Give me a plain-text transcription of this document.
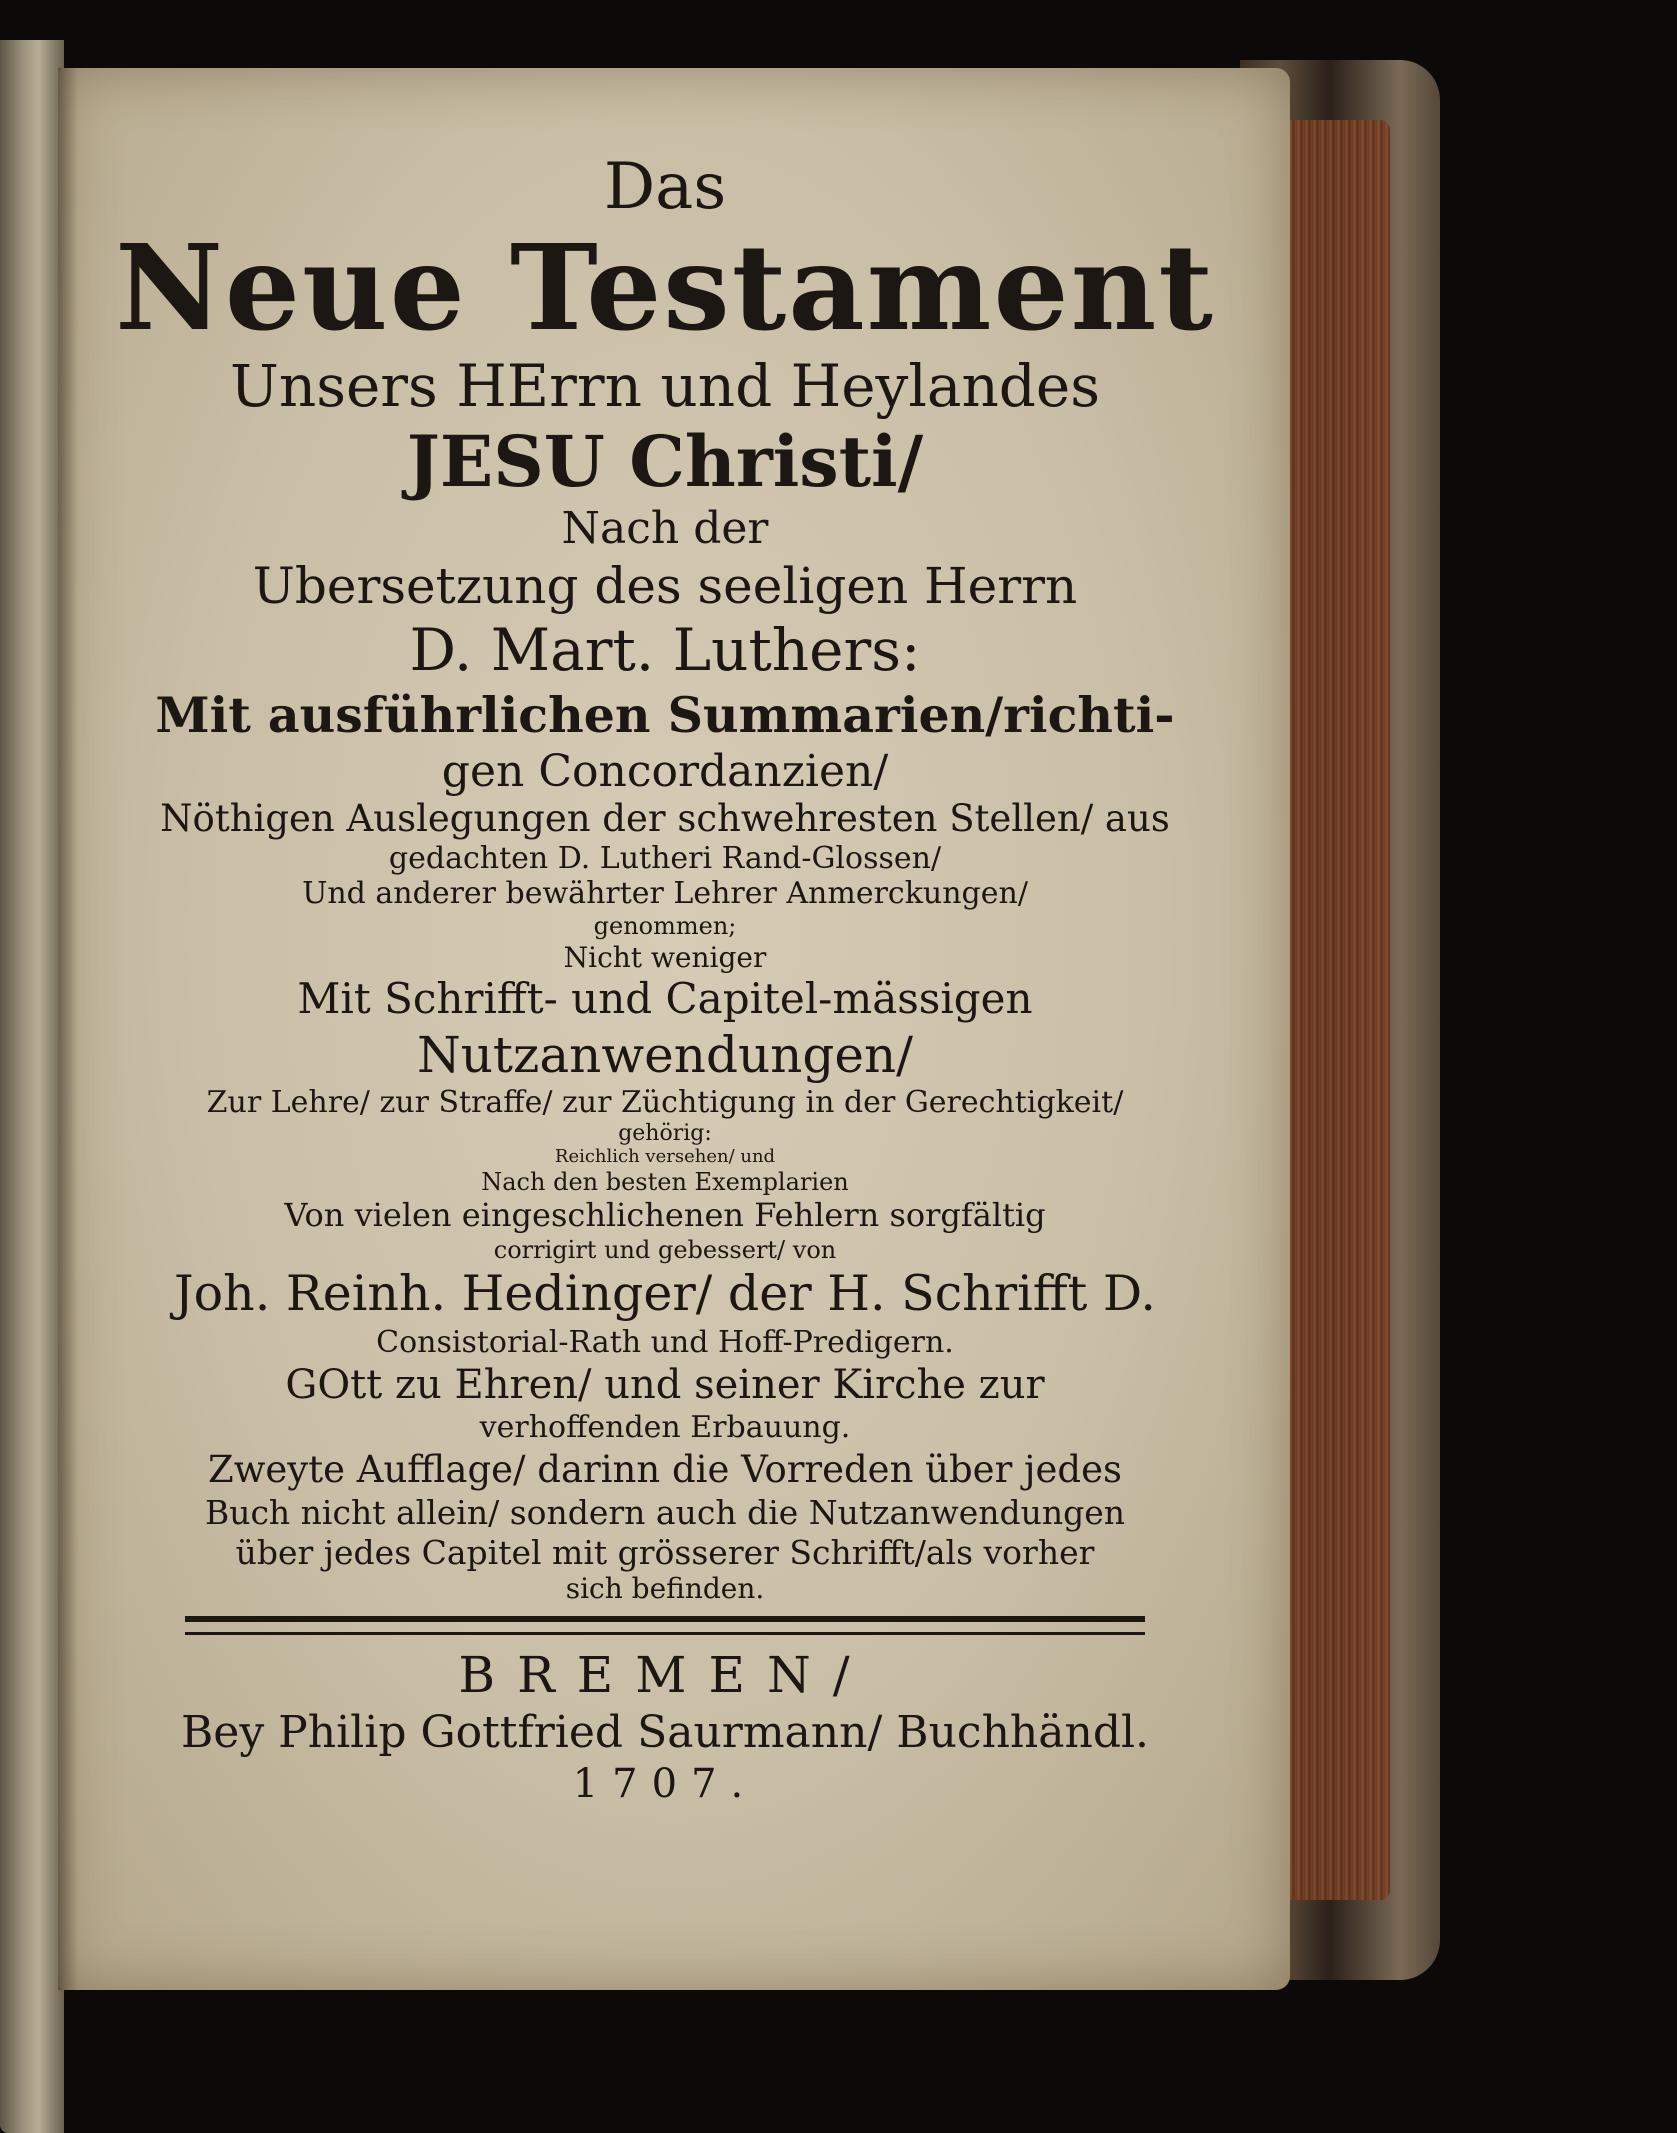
Das
Neue Testament
Unsers HErrn und Heylandes
JESU Christi/
Nach der
Ubersetzung des seeligen Herrn
D. Mart. Luthers:
Mit ausführlichen Summarien/richti-
gen Concordanzien/
Nöthigen Auslegungen der schwehresten Stellen/ aus
gedachten D. Lutheri Rand-Glossen/
Und anderer bewährter Lehrer Anmerckungen/
genommen;
Nicht weniger
Mit Schrifft- und Capitel-mässigen
Nutzanwendungen/
Zur Lehre/ zur Straffe/ zur Züchtigung in der Gerechtigkeit/
gehörig:
Reichlich versehen/ und
Nach den besten Exemplarien
Von vielen eingeschlichenen Fehlern sorgfältig
corrigirt und gebessert/ von
Joh. Reinh. Hedinger/ der H. Schrifft D.
Consistorial-Rath und Hoff-Predigern.
GOtt zu Ehren/ und seiner Kirche zur
verhoffenden Erbauung.
Zweyte Aufflage/ darinn die Vorreden über jedes
Buch nicht allein/ sondern auch die Nutzanwendungen
über jedes Capitel mit grösserer Schrifft/als vorher
sich befinden.
BREMEN/
Bey Philip Gottfried Saurmann/ Buchhändl.
1707.
